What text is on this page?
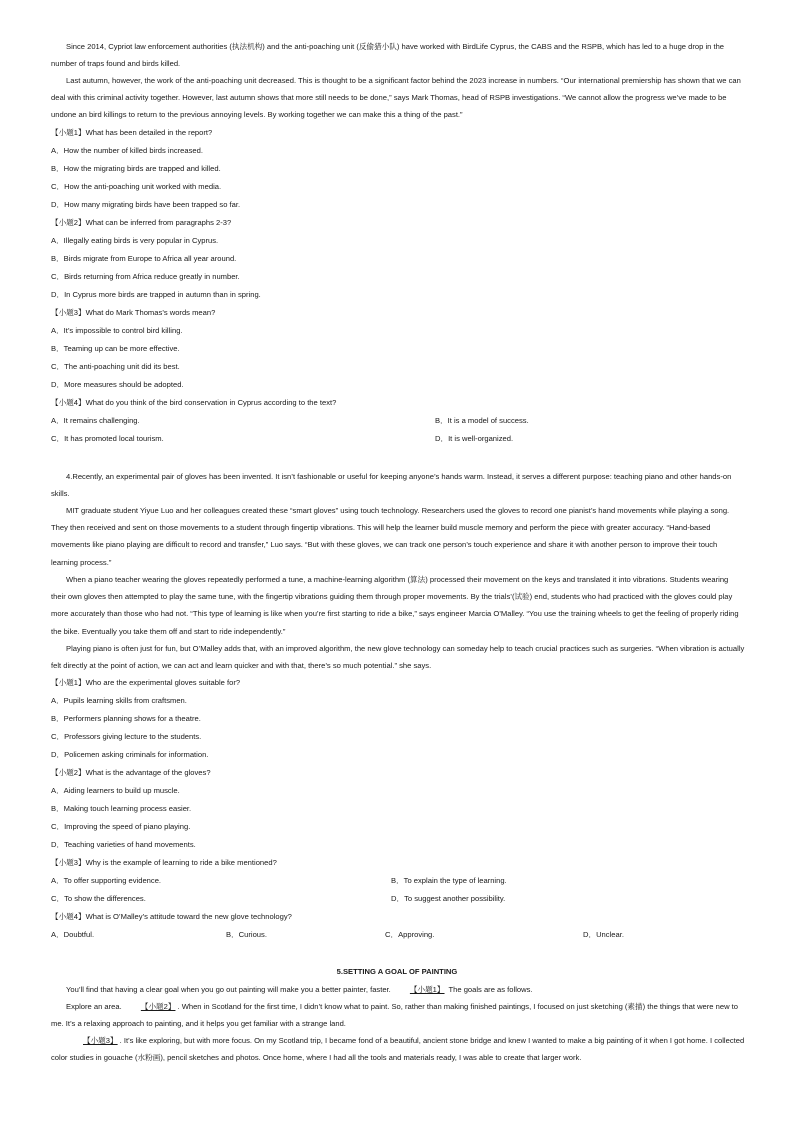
Since 2014, Cypriot law enforcement authorities (执法机构) and the anti-poaching unit (反偷猎小队) have worked with BirdLife Cyprus, the CABS and the RSPB, which has led to a huge drop in the number of traps found and birds killed.

Last autumn, however, the work of the anti-poaching unit decreased. This is thought to be a significant factor behind the 2023 increase in numbers. “Our international premiership has shown that we can deal with this criminal activity together. However, last autumn shows that more still needs to be done,” says Mark Thomas, head of RSPB investigations. “We cannot allow the progress we’ve made to be undone an bird killings to return to the previous annoying levels. By working together we can make this a thing of the past.”

【小题1】What has been detailed in the report?
A．How the number of killed birds increased.
B．How the migrating birds are trapped and killed.
C．How the anti-poaching unit worked with media.
D．How many migrating birds have been trapped so far.
【小题2】What can be inferred from paragraphs 2-3?
A．Illegally eating birds is very popular in Cyprus.
B．Birds migrate from Europe to Africa all year around.
C．Birds returning from Africa reduce greatly in number.
D．In Cyprus more birds are trapped in autumn than in spring.
【小题3】What do Mark Thomas’s words mean?
A．It’s impossible to control bird killing.
B．Teaming up can be more effective.
C．The anti-poaching unit did its best.
D．More measures should be adopted.
【小题4】What do you think of the bird conservation in Cyprus according to the text?
A．It remains challenging.	B．It is a model of success.
C．It has promoted local tourism.	D．It is well-organized.

4.Recently, an experimental pair of gloves has been invented. It isn’t fashionable or useful for keeping anyone’s hands warm. Instead, it serves a different purpose: teaching piano and other hands-on skills.

MIT graduate student Yiyue Luo and her colleagues created these “smart gloves” using touch technology. Researchers used the gloves to record one pianist’s hand movements while playing a song. They then received and sent on those movements to a student through fingertip vibrations. This will help the learner build muscle memory and perform the piece with greater accuracy. “Hand-based movements like piano playing are difficult to record and transfer,” Luo says. “But with these gloves, we can track one person’s touch experience and share it with another person to improve their touch learning process.”

When a piano teacher wearing the gloves repeatedly performed a tune, a machine-learning algorithm (算法) processed their movement on the keys and translated it into vibrations. Students wearing their own gloves then attempted to play the same tune, with the fingertip vibrations guiding them through proper movements. By the trials’(试验) end, students who had practiced with the gloves could play more accurately than those who had not. “This type of learning is like when you’re first starting to ride a bike,” says engineer Marcia O’Malley. “You use the training wheels to get the feeling of properly riding the bike. Eventually you take them off and start to ride independently.”

Playing piano is often just for fun, but O’Malley adds that, with an improved algorithm, the new glove technology can someday help to teach crucial practices such as surgeries. “When vibration is actually felt directly at the point of action, we can act and learn quicker and with that, there’s so much potential.” she says.

【小题1】Who are the experimental gloves suitable for?
A．Pupils learning skills from craftsmen.
B．Performers planning shows for a theatre.
C．Professors giving lecture to the students.
D．Policemen asking criminals for information.
【小题2】What is the advantage of the gloves?
A．Aiding learners to build up muscle.
B．Making touch learning process easier.
C．Improving the speed of piano playing.
D．Teaching varieties of hand movements.
【小题3】Why is the example of learning to ride a bike mentioned?
A．To offer supporting evidence.	B．To explain the type of learning.
C．To show the differences.	D．To suggest another possibility.
【小题4】What is O’Malley’s attitude toward the new glove technology?
A．Doubtful.	B．Curious.	C．Approving.	D．Unclear.
5.SETTING A GOAL OF PAINTING

You’ll find that having a clear goal when you go out painting will make you a better painter, faster.	【小题1】 The goals are as follows.

Explore an area.	【小题2】 . When in Scotland for the first time, I didn’t know what to paint. So, rather than making finished paintings, I focused on just sketching (素描) the things that were new to me. It’s a relaxing approach to painting, and it helps you get familiar with a strange land.

【小题3】 . It’s like exploring, but with more focus. On my Scotland trip, I became fond of a beautiful, ancient stone bridge and knew I wanted to make a big painting of it when I got home. I collected color studies in gouache (水粉画), pencil sketches and photos. Once home, where I had all the tools and materials ready, I was able to create that larger work.
